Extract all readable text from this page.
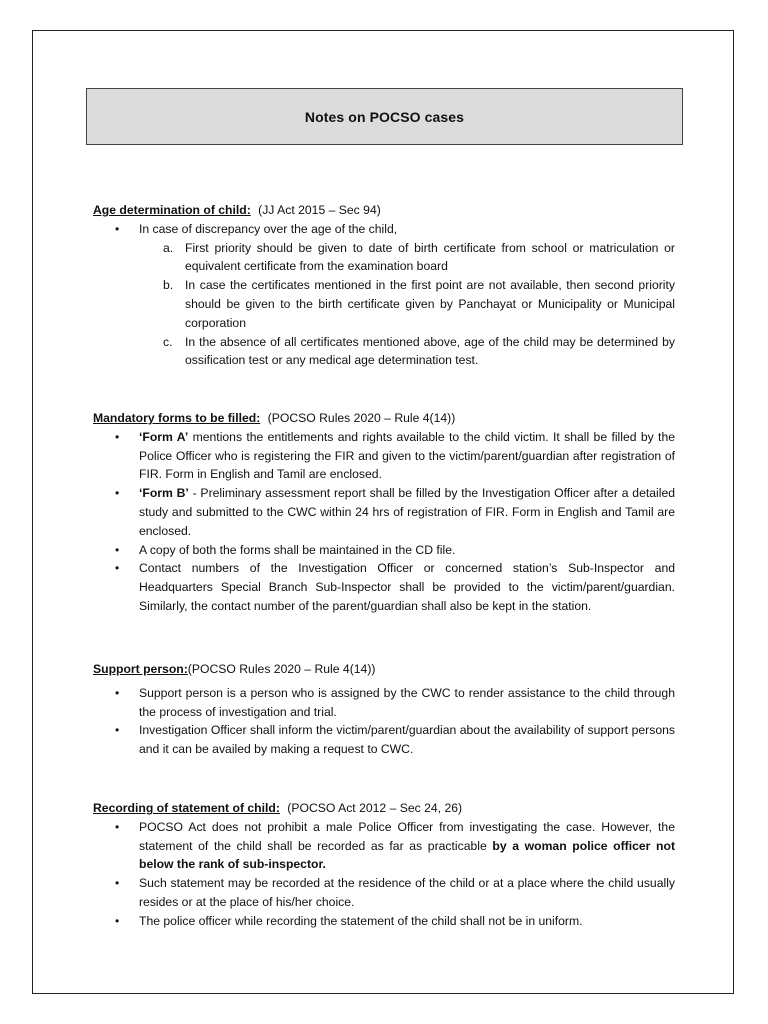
Notes on POCSO cases

Age determination of child: (JJ Act 2015 – Sec 94)

• In case of discrepancy over the age of the child,
a. First priority should be given to date of birth certificate from school or matriculation or equivalent certificate from the examination board
b. In case the certificates mentioned in the first point are not available, then second priority should be given to the birth certificate given by Panchayat or Municipality or Municipal corporation
c. In the absence of all certificates mentioned above, age of the child may be determined by ossification test or any medical age determination test.

Mandatory forms to be filled: (POCSO Rules 2020 – Rule 4(14))

• ‘Form A’ mentions the entitlements and rights available to the child victim. It shall be filled by the Police Officer who is registering the FIR and given to the victim/parent/guardian after registration of FIR. Form in English and Tamil are enclosed.
• ‘Form B’ - Preliminary assessment report shall be filled by the Investigation Officer after a detailed study and submitted to the CWC within 24 hrs of registration of FIR. Form in English and Tamil are enclosed.
• A copy of both the forms shall be maintained in the CD file.
• Contact numbers of the Investigation Officer or concerned station’s Sub-Inspector and Headquarters Special Branch Sub-Inspector shall be provided to the victim/parent/guardian. Similarly, the contact number of the parent/guardian shall also be kept in the station.

Support person:(POCSO Rules 2020 – Rule 4(14))

• Support person is a person who is assigned by the CWC to render assistance to the child through the process of investigation and trial.
• Investigation Officer shall inform the victim/parent/guardian about the availability of support persons and it can be availed by making a request to CWC.

Recording of statement of child: (POCSO Act 2012 – Sec 24, 26)

• POCSO Act does not prohibit a male Police Officer from investigating the case. However, the statement of the child shall be recorded as far as practicable by a woman police officer not below the rank of sub-inspector.
• Such statement may be recorded at the residence of the child or at a place where the child usually resides or at the place of his/her choice.
• The police officer while recording the statement of the child shall not be in uniform.
